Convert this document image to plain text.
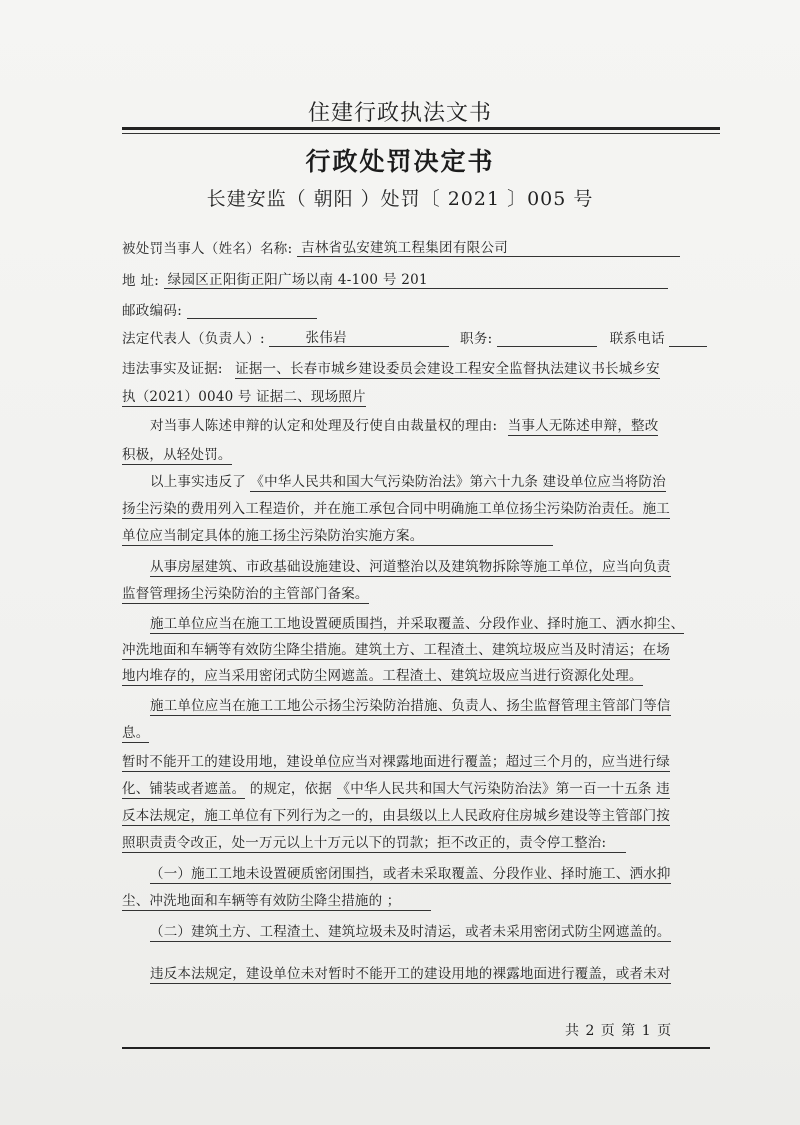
住建行政执法文书
行政处罚决定书
长建安监（ 朝阳 ）处罚〔 2021 〕005 号
被处罚当事人（姓名）名称: 吉林省弘安建筑工程集团有限公司
地 址: 绿园区正阳街正阳广场以南 4-100 号 201
邮政编码:
法定代表人（负责人）:	张伟岩	职务:	联系电话
违法事实及证据: 证据一、长春市城乡建设委员会建设工程安全监督执法建议书长城乡安
执（2021）0040 号 证据二、现场照片
对当事人陈述申辩的认定和处理及行使自由裁量权的理由: 当事人无陈述申辩，整改
积极，从轻处罚。
以上事实违反了 《中华人民共和国大气污染防治法》第六十九条 建设单位应当将防治
扬尘污染的费用列入工程造价，并在施工承包合同中明确施工单位扬尘污染防治责任。施工
单位应当制定具体的施工扬尘污染防治实施方案。
从事房屋建筑、市政基础设施建设、河道整治以及建筑物拆除等施工单位，应当向负责
监督管理扬尘污染防治的主管部门备案。
施工单位应当在施工工地设置硬质围挡，并采取覆盖、分段作业、择时施工、洒水抑尘、
冲洗地面和车辆等有效防尘降尘措施。建筑土方、工程渣土、建筑垃圾应当及时清运；在场
地内堆存的，应当采用密闭式防尘网遮盖。工程渣土、建筑垃圾应当进行资源化处理。
施工单位应当在施工工地公示扬尘污染防治措施、负责人、扬尘监督管理主管部门等信
息。
暂时不能开工的建设用地，建设单位应当对裸露地面进行覆盖；超过三个月的，应当进行绿
化、铺装或者遮盖。 的规定，依据 《中华人民共和国大气污染防治法》第一百一十五条 违
反本法规定，施工单位有下列行为之一的，由县级以上人民政府住房城乡建设等主管部门按
照职责责令改正，处一万元以上十万元以下的罚款；拒不改正的，责令停工整治:
（一）施工工地未设置硬质密闭围挡，或者未采取覆盖、分段作业、择时施工、洒水抑
尘、冲洗地面和车辆等有效防尘降尘措施的 ；
（二）建筑土方、工程渣土、建筑垃圾未及时清运，或者未采用密闭式防尘网遮盖的。
违反本法规定，建设单位未对暂时不能开工的建设用地的裸露地面进行覆盖，或者未对
共 2 页 第 1 页
